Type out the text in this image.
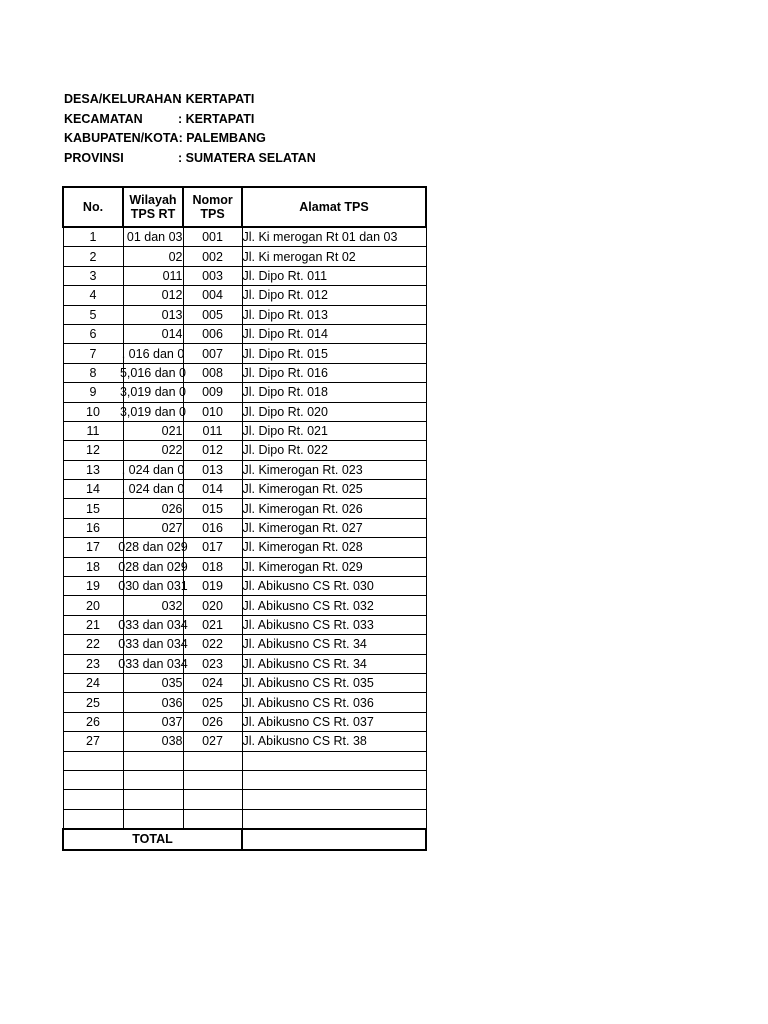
DESA/KELURAHAN
: KERTAPATI
KECAMATAN	: KERTAPATI
KABUPATEN/KOTA : PALEMBANG
PROVINSI	: SUMATERA SELATAN
No.	Wilayah TPS RT	Nomor TPS	Alamat TPS
1	01 dan 03	001	Jl. Ki merogan Rt 01 dan 03
2	02	002	Jl. Ki merogan Rt 02
3	011	003	Jl. Dipo Rt. 011
4	012	004	Jl. Dipo Rt. 012
5	013	005	Jl. Dipo Rt. 013
6	014	006	Jl. Dipo Rt. 014
7	, 016 dan 0	007	Jl. Dipo Rt. 015
8	5,016 dan 0	008	Jl. Dipo Rt. 016
9	3,019 dan 0	009	Jl. Dipo Rt. 018
10	3,019 dan 0	010	Jl. Dipo Rt. 020
11	021	011	Jl. Dipo Rt. 021
12	022	012	Jl. Dipo Rt. 022
13	, 024 dan 0	013	Jl. Kimerogan Rt. 023
14	, 024 dan 0	014	Jl. Kimerogan Rt. 025
15	026	015	Jl. Kimerogan Rt. 026
16	027	016	Jl. Kimerogan Rt. 027
17	028 dan 029	017	Jl. Kimerogan Rt. 028
18	028 dan 029	018	Jl. Kimerogan Rt. 029
19	030 dan 031	019	Jl. Abikusno CS Rt. 030
20	032	020	Jl. Abikusno CS Rt. 032
21	033 dan 034	021	Jl. Abikusno CS Rt. 033
22	033 dan 034	022	Jl. Abikusno CS Rt. 34
23	033 dan 034	023	Jl. Abikusno CS Rt. 34
24	035	024	Jl. Abikusno CS Rt. 035
25	036	025	Jl. Abikusno CS Rt. 036
26	037	026	Jl. Abikusno CS Rt. 037
27	038	027	Jl. Abikusno CS Rt. 38

TOTAL			
